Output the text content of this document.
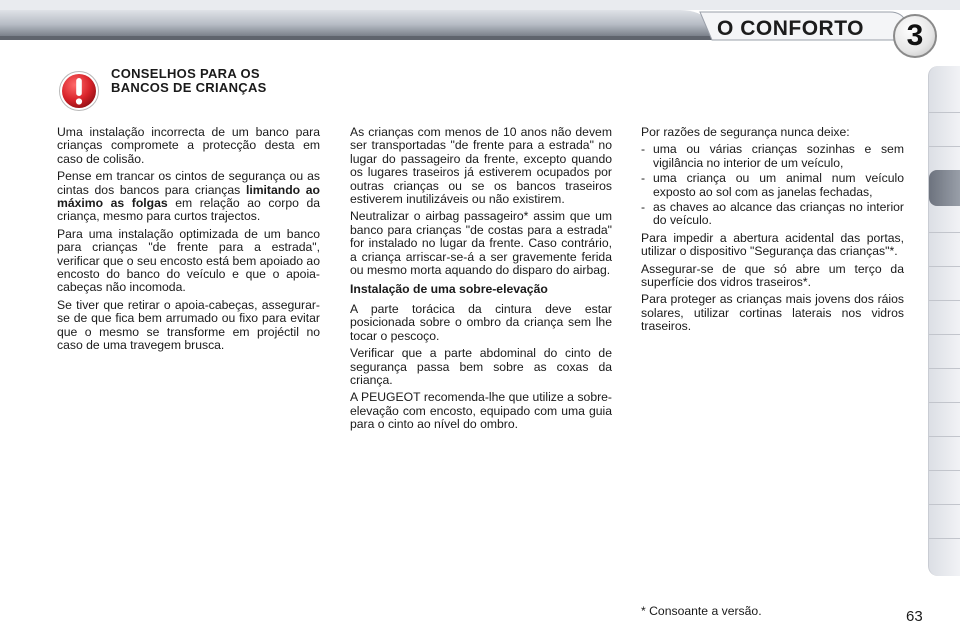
O CONFORTO	3
CONSELHOS PARA OS
BANCOS DE CRIANÇAS

Uma instalação incorrecta de um banco para crianças compromete a protecção desta em caso de colisão.

Pense em trancar os cintos de segurança ou as cintas dos bancos para crianças limitando ao máximo as folgas em relação ao corpo da criança, mesmo para curtos trajectos.

Para uma instalação optimizada de um banco para crianças "de frente para a estrada", verificar que o seu encosto está bem apoiado ao encosto do banco do veículo e que o apoia-cabeças não incomoda.

Se tiver que retirar o apoia-cabeças, assegurar-se de que fica bem arrumado ou fixo para evitar que o mesmo se transforme em projéctil no caso de uma travegem brusca.

As crianças com menos de 10 anos não devem ser transportadas "de frente para a estrada" no lugar do passageiro da frente, excepto quando os lugares traseiros já estiverem ocupados por outras crianças ou se os bancos traseiros estiverem inutilizáveis ou não existirem.

Neutralizar o airbag passageiro* assim que um banco para crianças "de costas para a estrada" for instalado no lugar da frente. Caso contrário, a criança arriscar-se-á a ser gravemente ferida ou mesmo morta aquando do disparo do airbag.

Instalação de uma sobre-elevação

A parte torácica da cintura deve estar posicionada sobre o ombro da criança sem lhe tocar o pescoço.

Verificar que a parte abdominal do cinto de segurança passa bem sobre as coxas da criança.

A PEUGEOT recomenda-lhe que utilize a sobre-elevação com encosto, equipado com uma guia para o cinto ao nível do ombro.

Por razões de segurança nunca deixe:

- uma ou várias crianças sozinhas e sem vigilância no interior de um veículo,
- uma criança ou um animal num veículo exposto ao sol com as janelas fechadas,
- as chaves ao alcance das crianças no interior do veículo.

Para impedir a abertura acidental das portas, utilizar o dispositivo "Segurança das crianças"*.

Assegurar-se de que só abre um terço da superfície dos vidros traseiros*.

Para proteger as crianças mais jovens dos ráios solares, utilizar cortinas laterais nos vidros traseiros.

* Consoante a versão.	63
